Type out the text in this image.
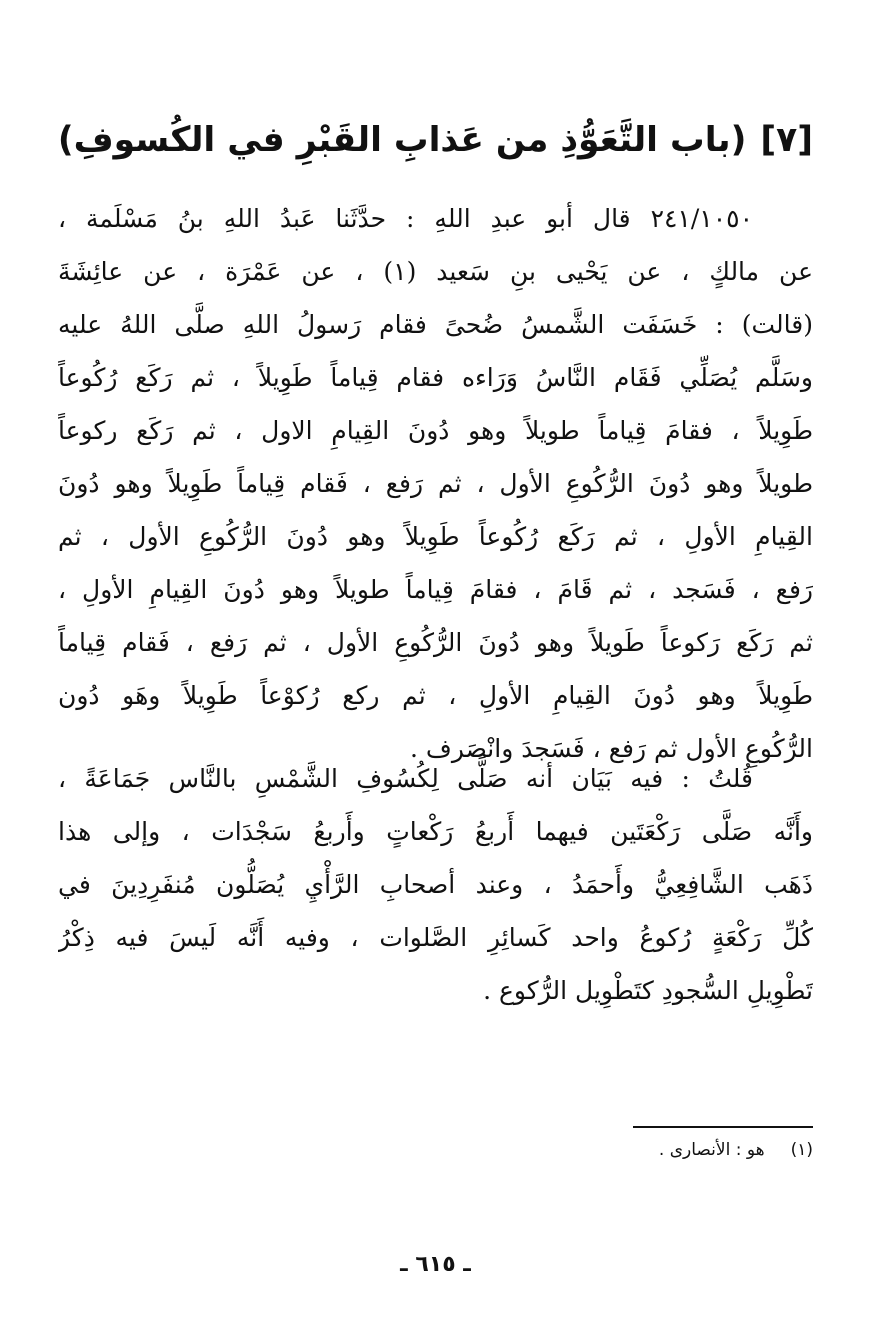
[٧](باب التَّعَوُّذِ من عَذابِ القَبْرِ في الكُسوفِ)
٢٤١/١٠٥٠ قال أبو عبدِ اللهِ : حدَّثَنا عَبدُ اللهِ بنُ مَسْلَمة ،
عن مالكٍ ، عن يَحْيى بنِ سَعيد (١) ، عن عَمْرَة ، عن عائِشَةَ
(قالت) : خَسَفَت الشَّمسُ ضُحىً فقام رَسولُ اللهِ صلَّى اللهُ عليه
وسَلَّم يُصَلِّي فَقَام النَّاسُ وَرَاءه فقام قِياماً طَوِيلاً ، ثم رَكَع رُكُوعاً
طَوِيلاً ، فقامَ قِياماً طويلاً وهو دُونَ القِيامِ الاول ، ثم رَكَع ركوعاً
طويلاً وهو دُونَ الرُّكُوعِ الأول ، ثم رَفع ، فَقام قِياماً طَوِيلاً وهو دُونَ
القِيامِ الأولِ ، ثم رَكَع رُكُوعاً طَوِيلاً وهو دُونَ الرُّكُوعِ الأول ، ثم
رَفع ، فَسَجد ، ثم قَامَ ، فقامَ قِياماً طويلاً وهو دُونَ القِيامِ الأولِ ،
ثم رَكَع رَكوعاً طَويلاً وهو دُونَ الرُّكُوعِ الأول ، ثم رَفع ، فَقام قِياماً
طَوِيلاً وهو دُونَ القِيامِ الأولِ ، ثم ركع رُكوْعاً طَوِيلاً وهَو دُون
الرُّكُوعِ الأول ثم رَفع ، فَسَجدَ وانْصَرف .
قُلتُ : فيه بَيَان أنه صَلَّى لِكُسُوفِ الشَّمْسِ بالنَّاس جَمَاعَةً ،
وأَنَّه صَلَّى رَكْعَتَين فيهما أَربعُ رَكْعاتٍ وأَربعُ سَجْدَات ، وإلى هذا
ذَهَب الشَّافِعِيُّ وأَحمَدُ ، وعند أصحابِ الرَّأْيِ يُصَلُّون مُنفَرِدِينَ في
كُلِّ رَكْعَةٍ رُكوعُ واحد كَسائِرِ الصَّلوات ، وفيه أَنَّه لَيسَ فيه ذِكْرُ
تَطْوِيلِ السُّجودِ كتَطْوِيل الرُّكوع .
(١)هو : الأنصارى .
ـ ٦١٥ ـ
